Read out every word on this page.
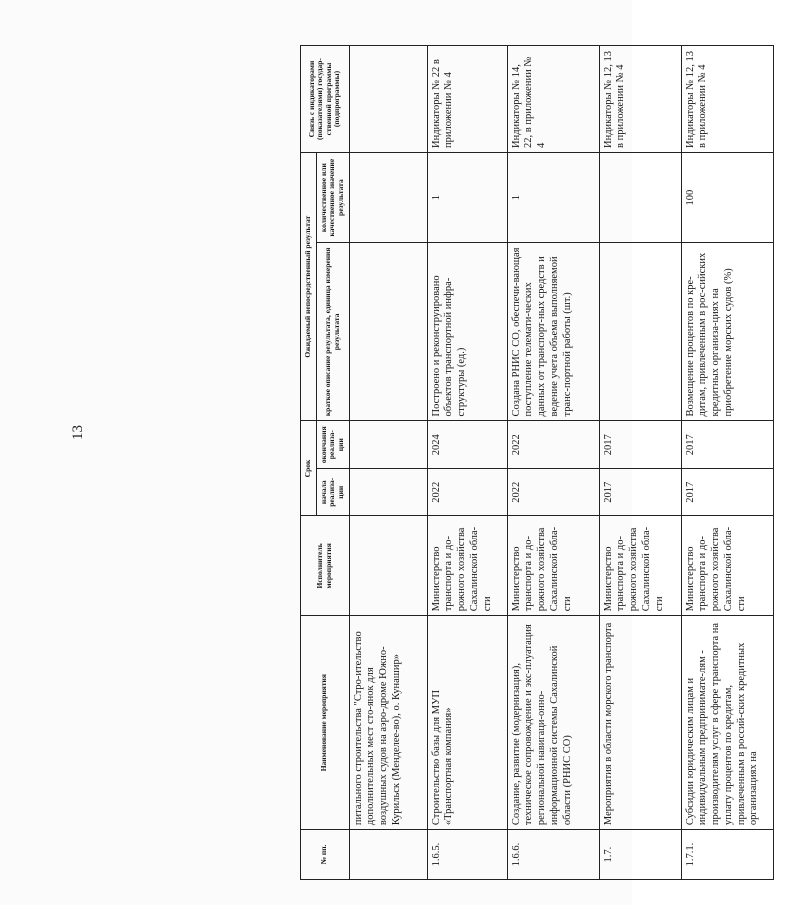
13
№ пп.	Наименование мероприятия	Исполнитель мероприятия	Срок		Ожидаемый непосредственный результат		Связь с индикаторами (показателями) государ-ственной программы (подпрограммы)
			начала реализа-ции	окончания реализа-ции	краткое описание результата, единица измерения результата	количественное или качественное значение результата	
	питального строительства "Стро-ительство дополнительных мест сто-янок для воздушных судов на аэро-дроме Южно-Курильск (Менделее-во), о. Кунашир»						
1.6.5.	Строительство базы для МУП «Транспортная компания»	Министерство транспорта и до-рожного хозяйства Сахалинской обла-сти	2022	2024	Построено и реконструировано объектов транспортной инфра-структуры (ед.)	1	Индикаторы № 22 в приложении № 4
1.6.6.	Создание, развитие (модернизация), техническое сопровождение и экс-плуатация региональной навигаци-онно-информационной системы Сахалинской области (РНИС СО)	Министерство транспорта и до-рожного хозяйства Сахалинской обла-сти	2022	2022	Создана РНИС СО, обеспечи-вающая поступление телемати-ческих данных от транспорт-ных средств и ведение учета объема выполняемой транс-портной работы (шт.)	1	Индикаторы № 14, 22, в приложении № 4
1.7.	Мероприятия в области морского транспорта	Министерство транспорта и до-рожного хозяйства Сахалинской обла-сти	2017	2017			Индикаторы № 12, 13 в приложении № 4
1.7.1.	Субсидии юридическим лицам и индивидуальным предпринимате-лям - производителям услуг в сфере транспорта на уплату процентов по кредитам, привлеченным в россий-ских кредитных организациях на	Министерство транспорта и до-рожного хозяйства Сахалинской обла-сти	2017	2017	Возмещение процентов по кре-дитам, привлеченным в рос-сийских кредитных организа-циях на приобретение морских судов (%)	100	Индикаторы № 12, 13 в приложении № 4
